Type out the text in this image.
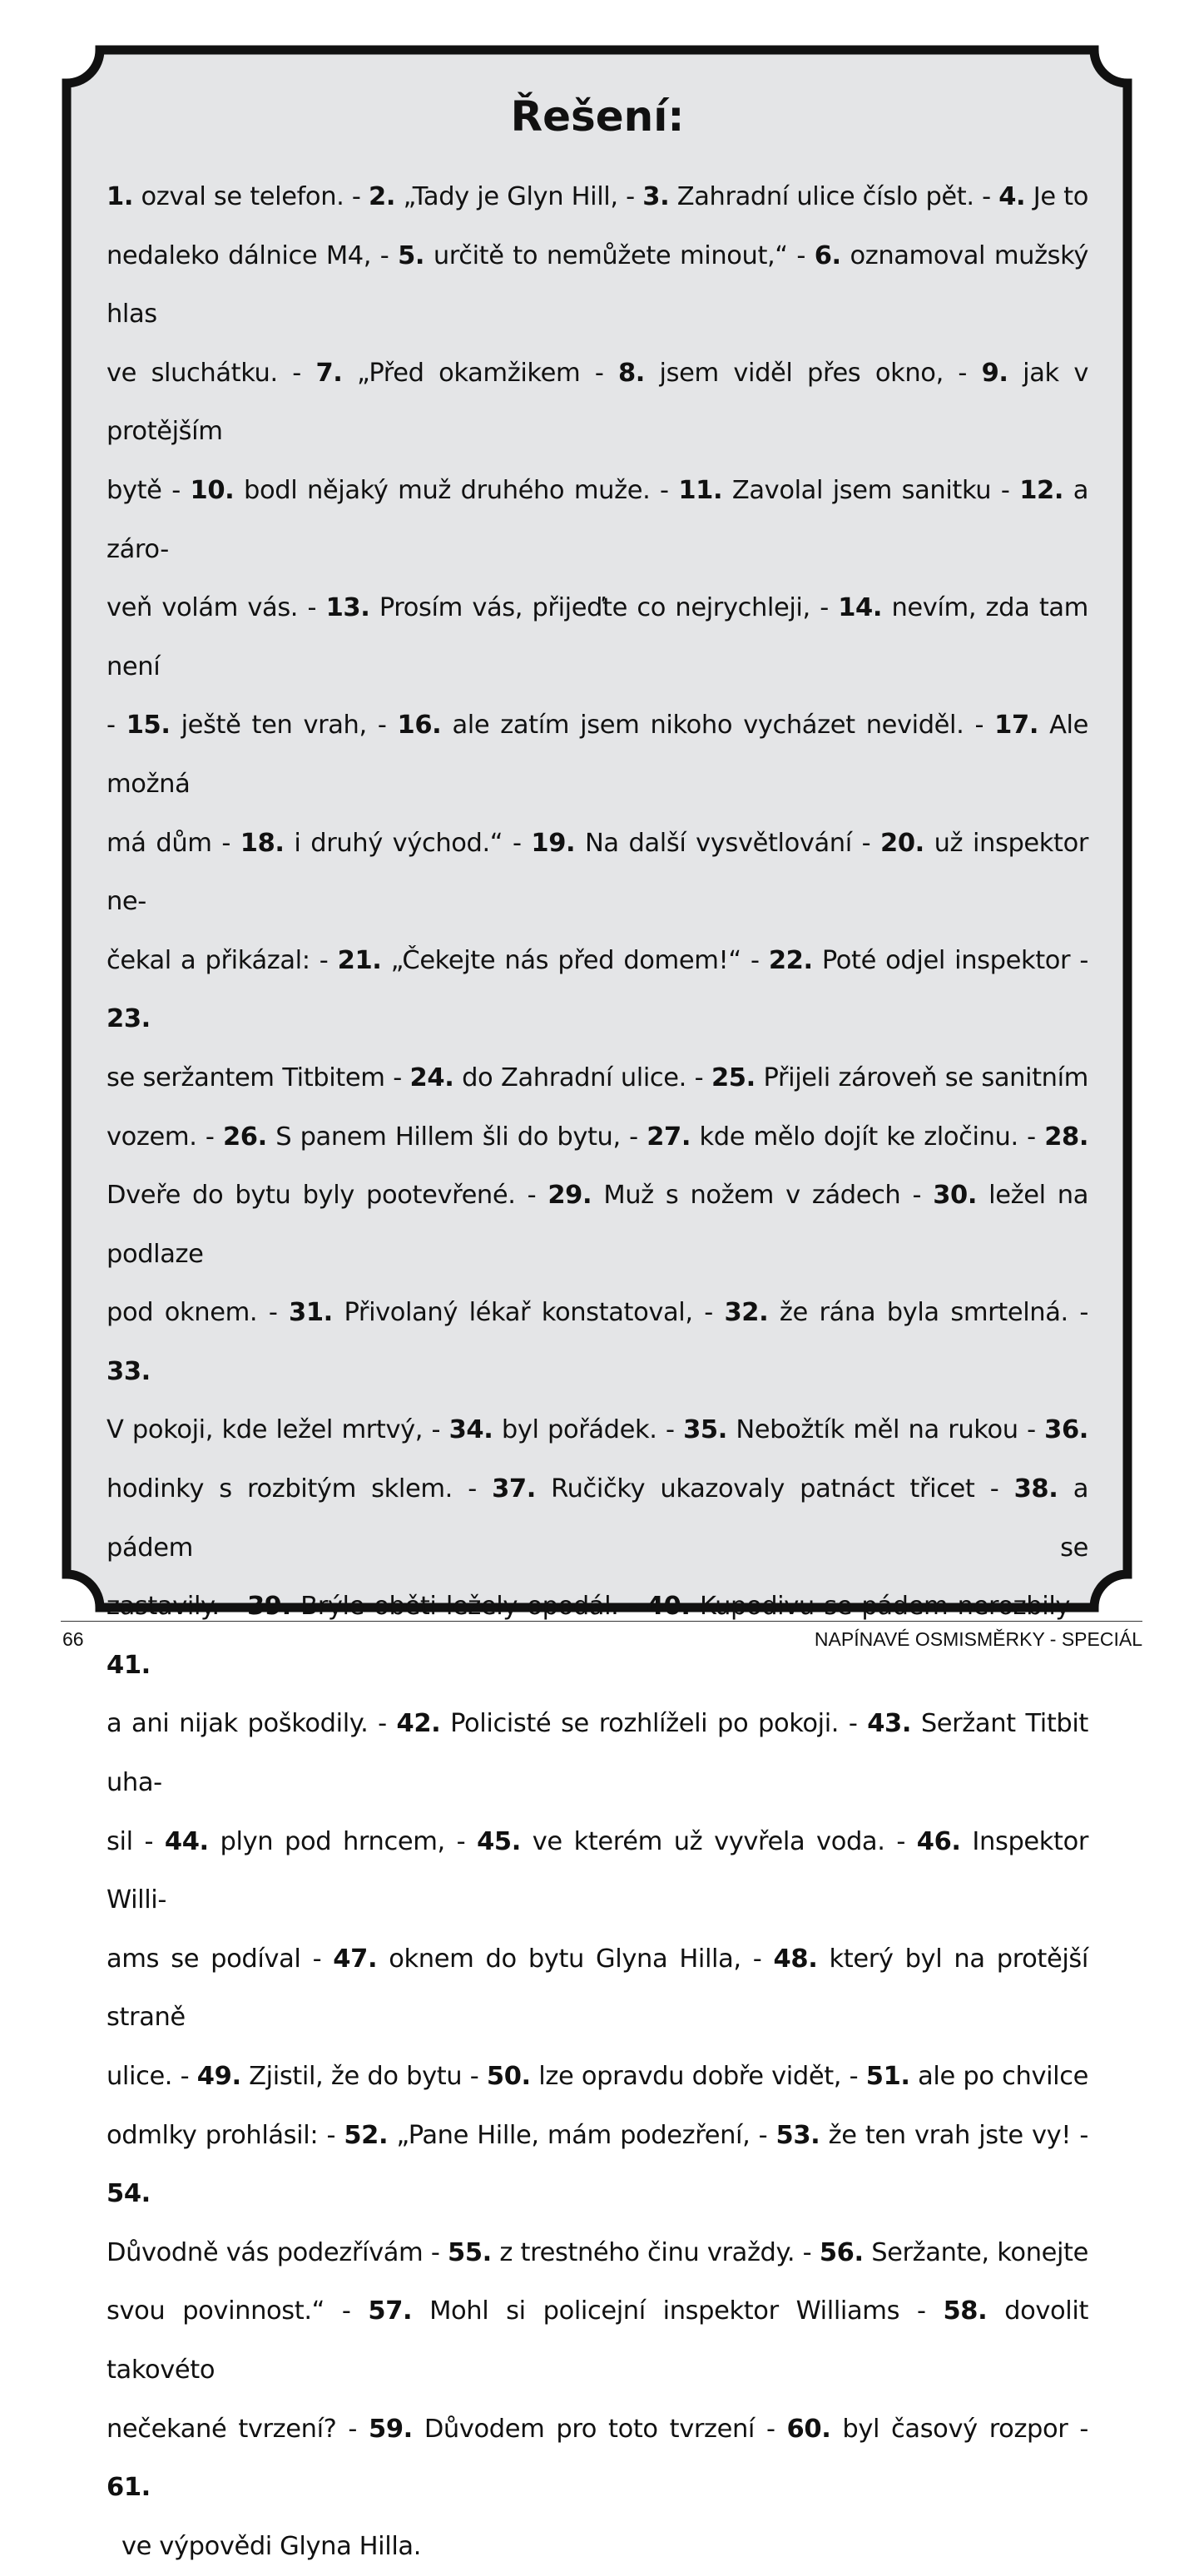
Řešení:
1. ozval se telefon. - 2. „Tady je Glyn Hill, - 3. Zahradní ulice číslo pět. - 4. Je to
nedaleko dálnice M4, - 5. určitě to nemůžete minout,“ - 6. oznamoval mužský hlas
ve sluchátku. - 7. „Před okamžikem - 8. jsem viděl přes okno, - 9. jak v protějším
bytě - 10. bodl nějaký muž druhého muže. - 11. Zavolal jsem sanitku - 12. a záro-
veň volám vás. - 13. Prosím vás, přijeďte co nejrychleji, - 14. nevím, zda tam není
- 15. ještě ten vrah, - 16. ale zatím jsem nikoho vycházet neviděl. - 17. Ale možná
má dům - 18. i druhý východ.“ - 19. Na další vysvětlování - 20. už inspektor ne-
čekal a přikázal: - 21. „Čekejte nás před domem!“ - 22. Poté odjel inspektor - 23.
se seržantem Titbitem - 24. do Zahradní ulice. - 25. Přijeli zároveň se sanitním
vozem. - 26. S panem Hillem šli do bytu, - 27. kde mělo dojít ke zločinu. - 28.
Dveře do bytu byly pootevřené. - 29. Muž s nožem v zádech - 30. ležel na podlaze
pod oknem. - 31. Přivolaný lékař konstatoval, - 32. že rána byla smrtelná. - 33.
V pokoji, kde ležel mrtvý, - 34. byl pořádek. - 35. Nebožtík měl na rukou - 36.
hodinky s rozbitým sklem. - 37. Ručičky ukazovaly patnáct třicet - 38. a pádem se
zastavily. - 39. Brýle oběti ležely opodál. - 40. Kupodivu se pádem nerozbily - 41.
a ani nijak poškodily. - 42. Policisté se rozhlíželi po pokoji. - 43. Seržant Titbit uha-
sil - 44. plyn pod hrncem, - 45. ve kterém už vyvřela voda. - 46. Inspektor Willi-
ams se podíval - 47. oknem do bytu Glyna Hilla, - 48. který byl na protější straně
ulice. - 49. Zjistil, že do bytu - 50. lze opravdu dobře vidět, - 51. ale po chvilce
odmlky prohlásil: - 52. „Pane Hille, mám podezření, - 53. že ten vrah jste vy! - 54.
Důvodně vás podezřívám - 55. z trestného činu vraždy. - 56. Seržante, konejte
svou povinnost.“ - 57. Mohl si policejní inspektor Williams - 58. dovolit takovéto
nečekané tvrzení? - 59. Důvodem pro toto tvrzení - 60. byl časový rozpor - 61.
ve výpovědi Glyna Hilla.
66	NAPÍNAVÉ OSMISMĚRKY - SPECIÁL
